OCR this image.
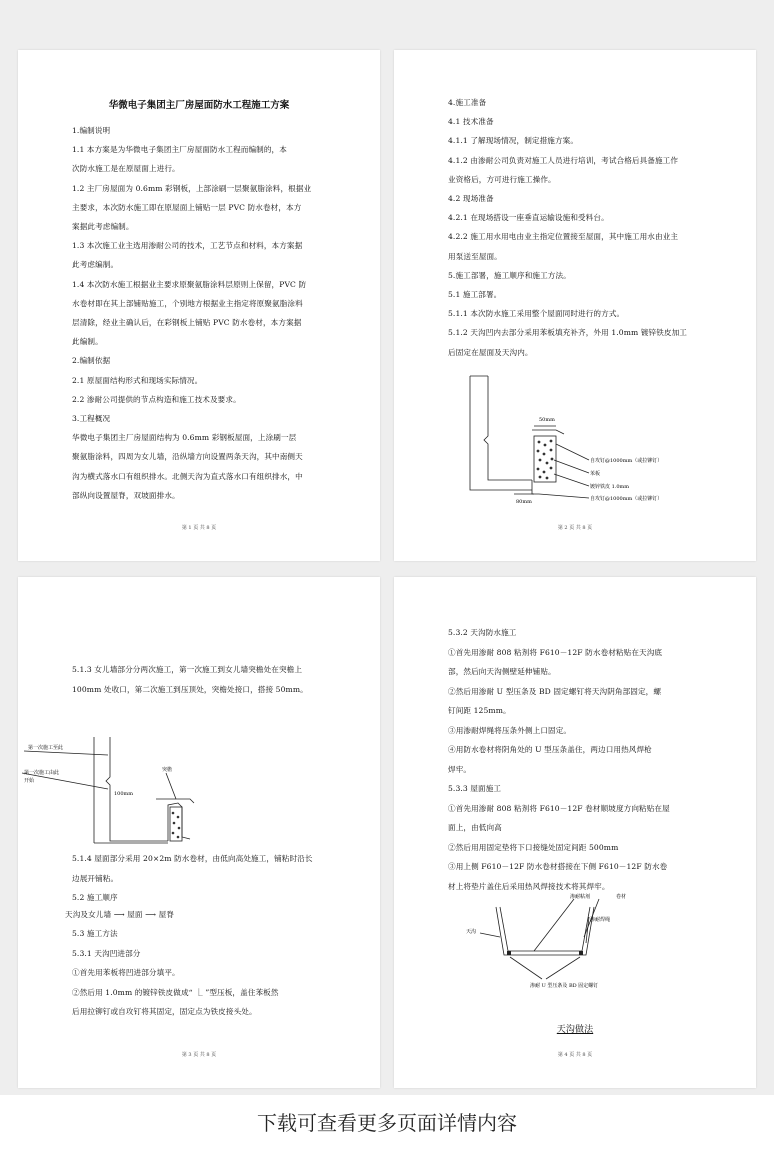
华微电子集团主厂房屋面防水工程施工方案
1.编制说明
1.1 本方案是为华微电子集团主厂房屋面防水工程而编制的，本
次防水施工是在原屋面上进行。
1.2 主厂房屋面为 0.6mm 彩钢板，上部涂刷一层聚氨脂涂料，根据业
主要求，本次防水施工即在原屋面上铺贴一层 PVC 防水卷材，本方
案据此考虑编制。
1.3 本次施工业主选用渗耐公司的技术，工艺节点和材料，本方案据
此考虑编制。
1.4 本次防水施工根据业主要求原聚氨脂涂料层原则上保留，PVC 防
水卷材即在其上部铺贴施工，个别地方根据业主指定将原聚氨脂涂料
层清除，经业主确认后，在彩钢板上铺贴 PVC 防水卷材，本方案据
此编制。
2.编制依据
2.1 原屋面结构形式和现场实际情况。
2.2 渗耐公司提供的节点构造和施工技术及要求。
3.工程概况
华微电子集团主厂房屋面结构为 0.6mm 彩钢板屋面，上涂刷一层
聚氨脂涂料，四周为女儿墙，沿纵墙方向设置两条天沟，其中南侧天
沟为横式落水口有组织排水。北侧天沟为直式落水口有组织排水，中
部纵向设置屋脊，双坡面排水。
第 1 页 共 8 页
4.施工准备
4.1 技术准备
4.1.1 了解现场情况，制定措施方案。
4.1.2 由渗耐公司负责对施工人员进行培训，考试合格后具备施工作
业资格后，方可进行施工操作。
4.2 现场准备
4.2.1 在现场搭设一座垂直运输设施和受料台。
4.2.2 施工用水用电由业主指定位置接至屋面，其中施工用水由业主
用泵送至屋面。
5.施工部署，施工顺序和施工方法。
5.1 施工部署。
5.1.1 本次防水施工采用整个屋面同时进行的方式。
5.1.2 天沟凹内去部分采用苯板填充补齐，外用 1.0mm 镀锌铁皮加工
后固定在屋面及天沟内。
50mm
80mm
自攻钉@1000mm（或拉铆钉）
苯板
镀锌铁皮 1.0mm
自攻钉@1000mm（或拉铆钉）
第 2 页 共 8 页
5.1.3 女儿墙部分分两次施工，第一次施工到女儿墙突檐处在突檐上
100mm 处收口，第二次施工到压顶处，突檐处接口，搭接 50mm。
第一次施工至此
第一次施工由此
开始
突檐
100mm
5.1.4 屋面部分采用 20×2m 防水卷材，由低向高处施工，铺粘时沿长
边展开铺粘。
5.2 施工顺序
天沟及女儿墙 ⟶ 屋面 ⟶ 屋脊
5.3 施工方法
5.3.1 天沟凹进部分
①首先用苯板将凹进部分填平。
②然后用 1.0mm 的镀锌铁皮做成“ ⎿ ”型压板，盖住苯板然
后用拉铆钉或自攻钉将其固定，固定点为铁皮接头处。
第 3 页 共 8 页
5.3.2 天沟防水施工
①首先用渗耐 808 粘剂将 F610－12F 防水卷材粘贴在天沟底
部，然后向天沟侧壁延伸铺贴。
②然后用渗耐 U 型压条及 BD 固定螺钉将天沟阴角部固定，螺
钉间距 125mm。
③用渗耐焊绳将压条外侧上口固定。
④用防水卷材将阴角处的 U 型压条盖住，两边口用热风焊枪
焊牢。
5.3.3 屋面施工
①首先用渗耐 808 粘剂将 F610－12F 卷材顺坡度方向粘贴在屋
面上，由低向高
②然后用用固定垫将下口接缝处固定间距 500mm
③用上侧 F610－12F 防水卷材搭接在下侧 F610－12F 防水卷
材上将垫片盖住后采用热风焊接技术将其焊牢。
渗耐粘剂	卷材
渗耐焊绳
天沟
渗耐 U 型压条及 BD 固定螺钉
天沟做法
第 4 页 共 8 页
下载可查看更多页面详情内容
